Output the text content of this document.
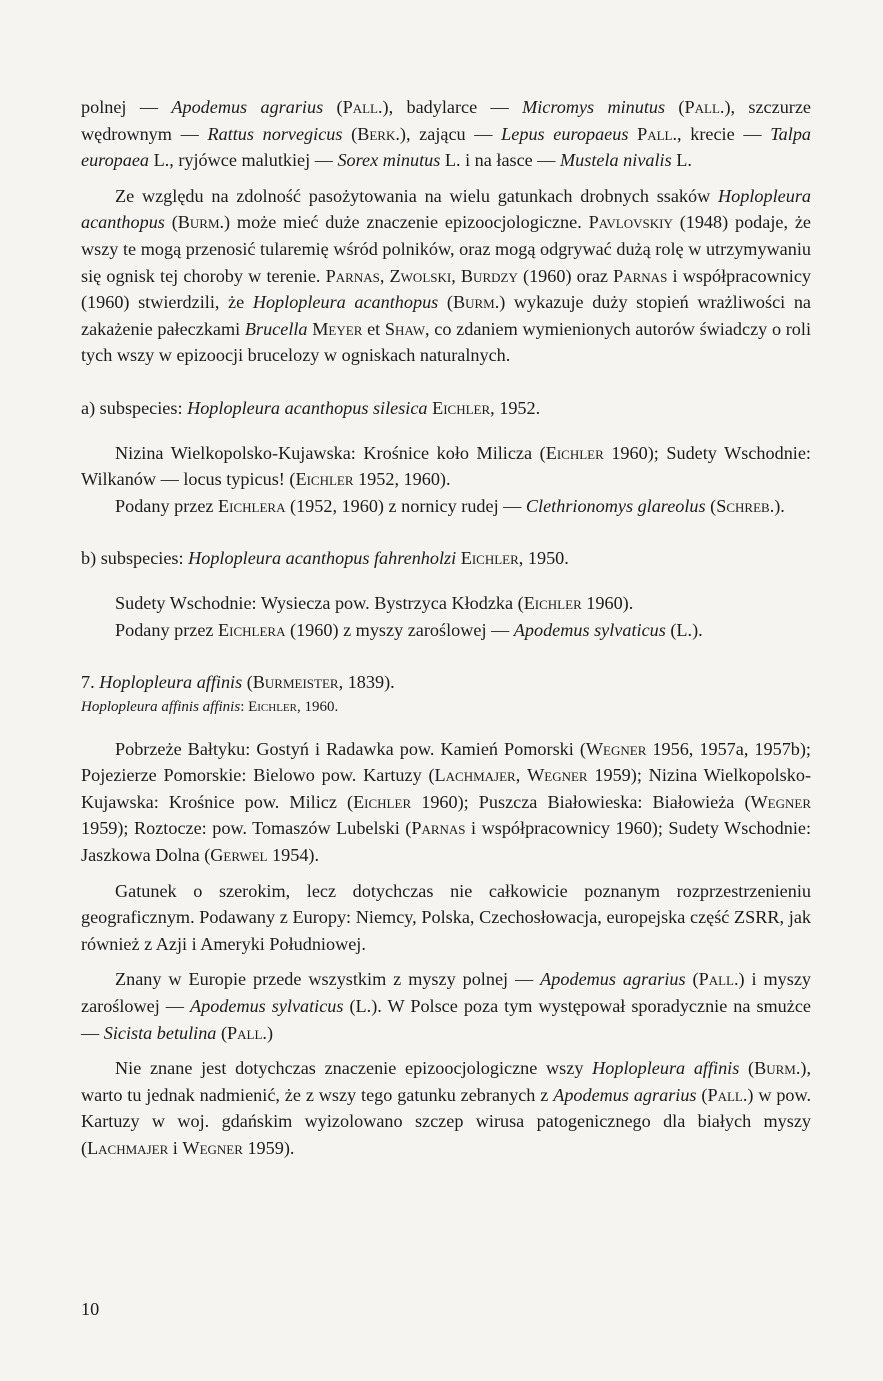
polnej — Apodemus agrarius (Pall.), badylarce — Micromys minutus (Pall.), szczurze wędrownym — Rattus norvegicus (Berk.), zającu — Lepus europaeus Pall., krecie — Talpa europaea L., ryjówce malutkiej — Sorex minutus L. i na łasce — Mustela nivalis L.

Ze względu na zdolność pasożytowania na wielu gatunkach drobnych ssaków Hoplopleura acanthopus (Burm.) może mieć duże znaczenie epizoocjologiczne. Pavlovskiy (1948) podaje, że wszy te mogą przenosić tularemię wśród polników, oraz mogą odgrywać dużą rolę w utrzymywaniu się ognisk tej choroby w terenie. Parnas, Zwolski, Burdzy (1960) oraz Parnas i współpracownicy (1960) stwierdzili, że Hoplopleura acanthopus (Burm.) wykazuje duży stopień wrażliwości na zakażenie pałeczkami Brucella Meyer et Shaw, co zdaniem wymienionych autorów świadczy o roli tych wszy w epizoocji brucelozy w ogniskach naturalnych.

a) subspecies: Hoplopleura acanthopus silesica Eichler, 1952.

Nizina Wielkopolsko-Kujawska: Krośnice koło Milicza (Eichler 1960); Sudety Wschodnie: Wilkanów — locus typicus! (Eichler 1952, 1960).

Podany przez Eichlera (1952, 1960) z nornicy rudej — Clethrionomys glareolus (Schreb.).

b) subspecies: Hoplopleura acanthopus fahrenholzi Eichler, 1950.

Sudety Wschodnie: Wysiecza pow. Bystrzyca Kłodzka (Eichler 1960).

Podany przez Eichlera (1960) z myszy zaroślowej — Apodemus sylvaticus (L.).

7. Hoplopleura affinis (Burmeister, 1839).

Hoplopleura affinis affinis: Eichler, 1960.

Pobrzeże Bałtyku: Gostyń i Radawka pow. Kamień Pomorski (Wegner 1956, 1957a, 1957b); Pojezierze Pomorskie: Bielowo pow. Kartuzy (Lachmajer, Wegner 1959); Nizina Wielkopolsko-Kujawska: Krośnice pow. Milicz (Eichler 1960); Puszcza Białowieska: Białowieża (Wegner 1959); Roztocze: pow. Tomaszów Lubelski (Parnas i współpracownicy 1960); Sudety Wschodnie: Jaszkowa Dolna (Gerwel 1954).

Gatunek o szerokim, lecz dotychczas nie całkowicie poznanym rozprzestrzenieniu geograficznym. Podawany z Europy: Niemcy, Polska, Czechosłowacja, europejska część ZSRR, jak również z Azji i Ameryki Południowej.

Znany w Europie przede wszystkim z myszy polnej — Apodemus agrarius (Pall.) i myszy zaroślowej — Apodemus sylvaticus (L.). W Polsce poza tym występował sporadycznie na smużce — Sicista betulina (Pall.)

Nie znane jest dotychczas znaczenie epizoocjologiczne wszy Hoplopleura affinis (Burm.), warto tu jednak nadmienić, że z wszy tego gatunku zebranych z Apodemus agrarius (Pall.) w pow. Kartuzy w woj. gdańskim wyizolowano szczep wirusa patogenicznego dla białych myszy (Lachmajer i Wegner 1959).

10
